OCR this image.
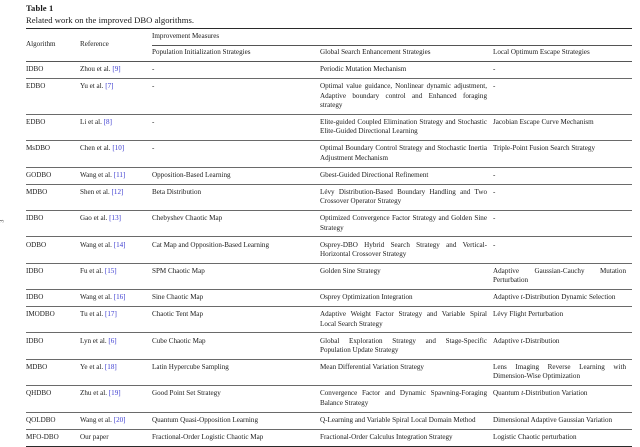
3
Table 1
Related work on the improved DBO algorithms.
Algorithm	Reference	Improvement Measures		
		Population Initialization Strategies	Global Search Enhancement Strategies	Local Optimum Escape Strategies
IDBO	Zhou et al. [9]	-	Periodic Mutation Mechanism	-
EDBO	Yu et al. [7]	-	Optimal value guidance, Nonlinear dynamic adjustment, Adaptive boundary control and Enhanced foraging strategy	-
EDBO	Li et al. [8]	-	Elite-guided Coupled Elimination Strategy and Stochastic Elite-Guided Directional Learning	Jacobian Escape Curve Mechanism
MsDBO	Chen et al. [10]	-	Optimal Boundary Control Strategy and Stochastic Inertia Adjustment Mechanism	Triple-Point Fusion Search Strategy
GODBO	Wang et al. [11]	Opposition-Based Learning	Gbest-Guided Directional Refinement	-
MDBO	Shen et al. [12]	Beta Distribution	Lévy Distribution-Based Boundary Handling and Two Crossover Operator Strategy	-
IDBO	Gao et al. [13]	Chebyshev Chaotic Map	Optimized Convergence Factor Strategy and Golden Sine Strategy	-
ODBO	Wang et al. [14]	Cat Map and Opposition-Based Learning	Osprey-DBO Hybrid Search Strategy and Vertical-Horizontal Crossover Strategy	-
IDBO	Fu et al. [15]	SPM Chaotic Map	Golden Sine Strategy	Adaptive Gaussian-Cauchy Mutation Perturbation
IDBO	Wang et al. [16]	Sine Chaotic Map	Osprey Optimization Integration	Adaptive t-Distribution Dynamic Selection
IMODBO	Tu et al. [17]	Chaotic Tent Map	Adaptive Weight Factor Strategy and Variable Spiral Local Search Strategy	Lévy Flight Perturbation
IDBO	Lyn et al. [6]	Cube Chaotic Map	Global Exploration Strategy and Stage-Specific Population Update Strategy	Adaptive t-Distribution
MDBO	Ye et al. [18]	Latin Hypercube Sampling	Mean Differential Variation Strategy	Lens Imaging Reverse Learning with Dimension-Wise Optimization
QHDBO	Zhu et al. [19]	Good Point Set Strategy	Convergence Factor and Dynamic Spawning-Foraging Balance Strategy	Quantum t-Distribution Variation
QOLDBO	Wang et al. [20]	Quantum Quasi-Opposition Learning	Q-Learning and Variable Spiral Local Domain Method	Dimensional Adaptive Gaussian Variation
MFO-DBO	Our paper	Fractional-Order Logistic Chaotic Map	Fractional-Order Calculus Integration Strategy	Logistic Chaotic perturbation
